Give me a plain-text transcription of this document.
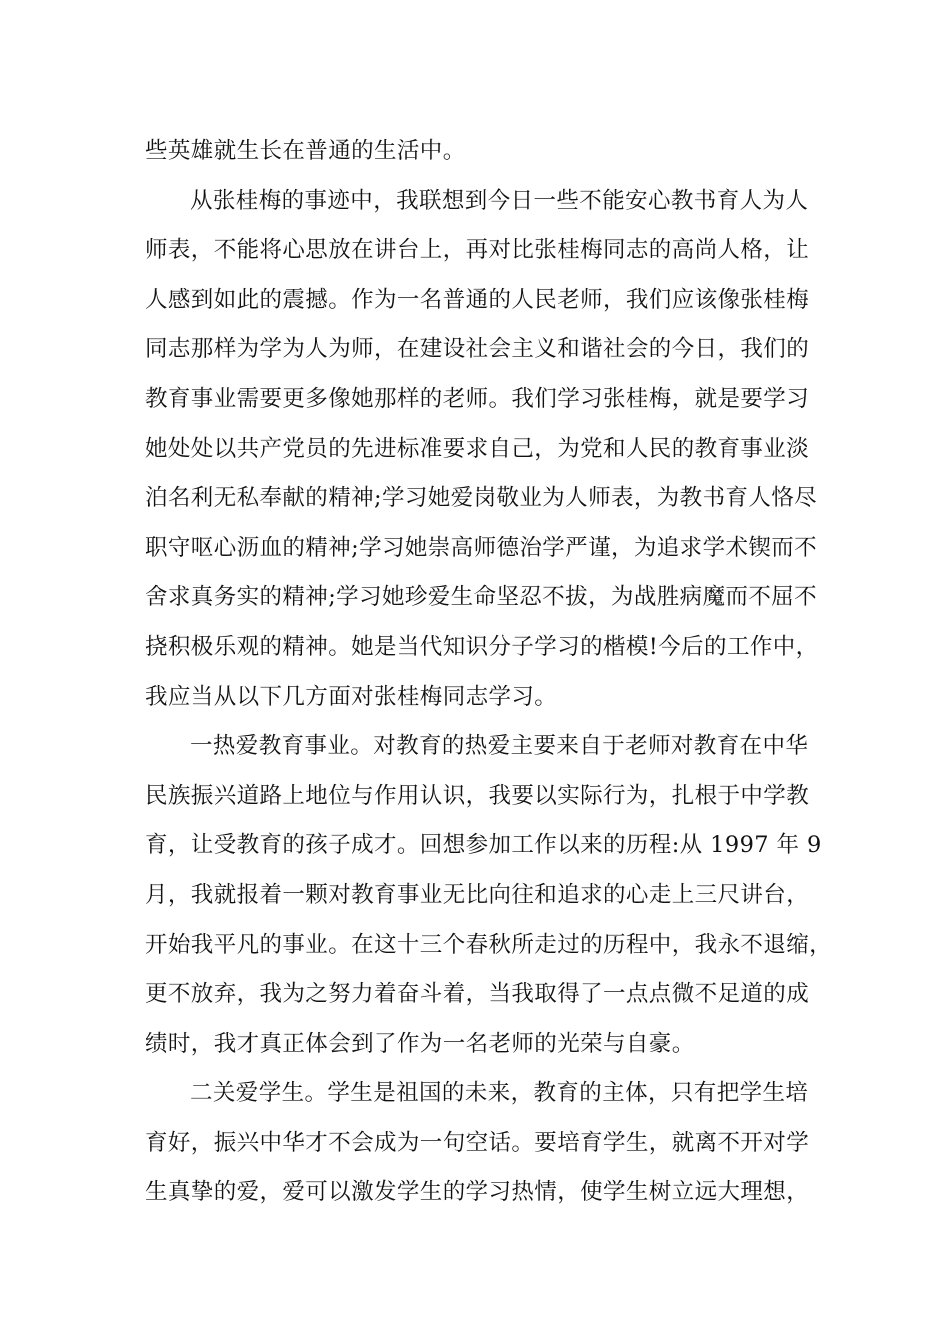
些英雄就生长在普通的生活中。
从张桂梅的事迹中，我联想到今日一些不能安心教书育人为人
师表，不能将心思放在讲台上，再对比张桂梅同志的高尚人格，让
人感到如此的震撼。作为一名普通的人民老师，我们应该像张桂梅
同志那样为学为人为师，在建设社会主义和谐社会的今日，我们的
教育事业需要更多像她那样的老师。我们学习张桂梅，就是要学习
她处处以共产党员的先进标准要求自己，为党和人民的教育事业淡
泊名利无私奉献的精神;学习她爱岗敬业为人师表，为教书育人恪尽
职守呕心沥血的精神;学习她崇高师德治学严谨，为追求学术锲而不
舍求真务实的精神;学习她珍爱生命坚忍不拔，为战胜病魔而不屈不
挠积极乐观的精神。她是当代知识分子学习的楷模!今后的工作中，
我应当从以下几方面对张桂梅同志学习。
一热爱教育事业。对教育的热爱主要来自于老师对教育在中华
民族振兴道路上地位与作用认识，我要以实际行为，扎根于中学教
育，让受教育的孩子成才。回想参加工作以来的历程:从 1997 年 9
月，我就报着一颗对教育事业无比向往和追求的心走上三尺讲台，
开始我平凡的事业。在这十三个春秋所走过的历程中，我永不退缩，
更不放弃，我为之努力着奋斗着，当我取得了一点点微不足道的成
绩时，我才真正体会到了作为一名老师的光荣与自豪。
二关爱学生。学生是祖国的未来，教育的主体，只有把学生培
育好，振兴中华才不会成为一句空话。要培育学生，就离不开对学
生真挚的爱，爱可以激发学生的学习热情，使学生树立远大理想，
